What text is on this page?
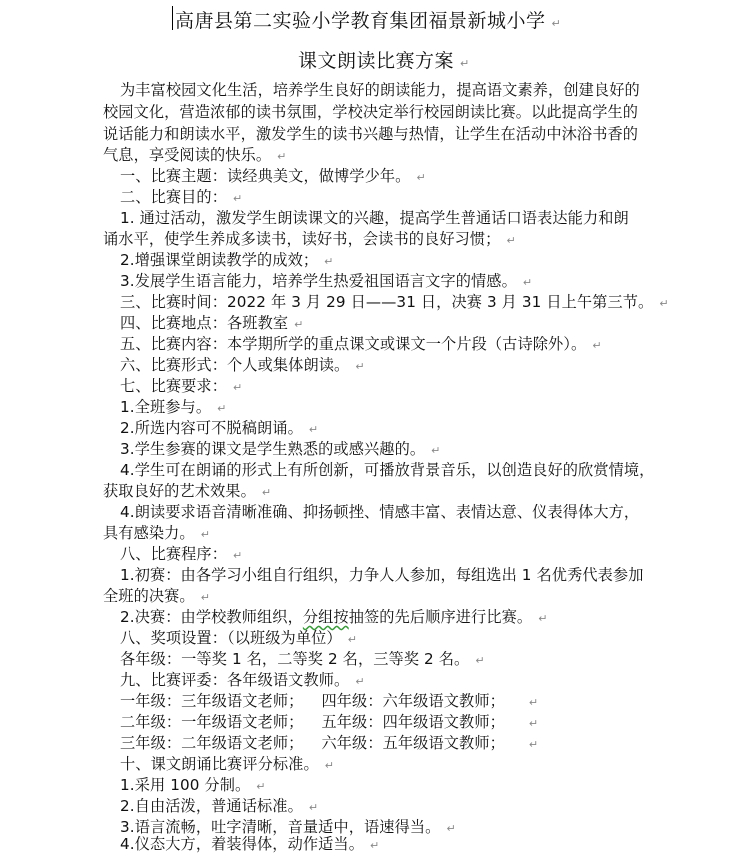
高唐县第二实验小学教育集团福景新城小学 ↵
课文朗读比赛方案 ↵
为丰富校园文化生活，培养学生良好的朗读能力，提高语文素养，创建良好的
校园文化，营造浓郁的读书氛围，学校决定举行校园朗读比赛。以此提高学生的
说话能力和朗读水平，激发学生的读书兴趣与热情，让学生在活动中沐浴书香的
气息，享受阅读的快乐。 ↵
一、比赛主题：读经典美文，做博学少年。 ↵
二、比赛目的： ↵
1. 通过活动，激发学生朗读课文的兴趣，提高学生普通话口语表达能力和朗
诵水平，使学生养成多读书，读好书，会读书的良好习惯； ↵
2.增强课堂朗读教学的成效； ↵
3.发展学生语言能力，培养学生热爱祖国语言文字的情感。 ↵
三、比赛时间：2022 年 3 月 29 日——31 日，决赛 3 月 31 日上午第三节。 ↵
四、比赛地点：各班教室 ↵
五、比赛内容：本学期所学的重点课文或课文一个片段（古诗除外）。 ↵
六、比赛形式：个人或集体朗读。 ↵
七、比赛要求： ↵
1.全班参与。 ↵
2.所选内容可不脱稿朗诵。 ↵
3.学生参赛的课文是学生熟悉的或感兴趣的。 ↵
4.学生可在朗诵的形式上有所创新，可播放背景音乐，以创造良好的欣赏情境，
获取良好的艺术效果。 ↵
4.朗读要求语音清晰准确、抑扬顿挫、情感丰富、表情达意、仪表得体大方，
具有感染力。 ↵
八、比赛程序： ↵
1.初赛：由各学习小组自行组织，力争人人参加，每组选出 1 名优秀代表参加
全班的决赛。 ↵
2.决赛：由学校教师组织，分组按抽签的先后顺序进行比赛。 ↵
八、奖项设置：（以班级为单位） ↵
各年级：一等奖 1 名，二等奖 2 名，三等奖 2 名。 ↵
九、比赛评委：各年级语文教师。 ↵
一年级：三年级语文老师； 四年级：六年级语文教师； ↵
二年级：一年级语文老师； 五年级：四年级语文教师； ↵
三年级：二年级语文老师； 六年级：五年级语文教师； ↵
十、课文朗诵比赛评分标准。 ↵
1.采用 100 分制。 ↵
2.自由活泼，普通话标准。 ↵
3.语言流畅，吐字清晰，音量适中，语速得当。 ↵
4.仪态大方，着装得体，动作适当。 ↵
